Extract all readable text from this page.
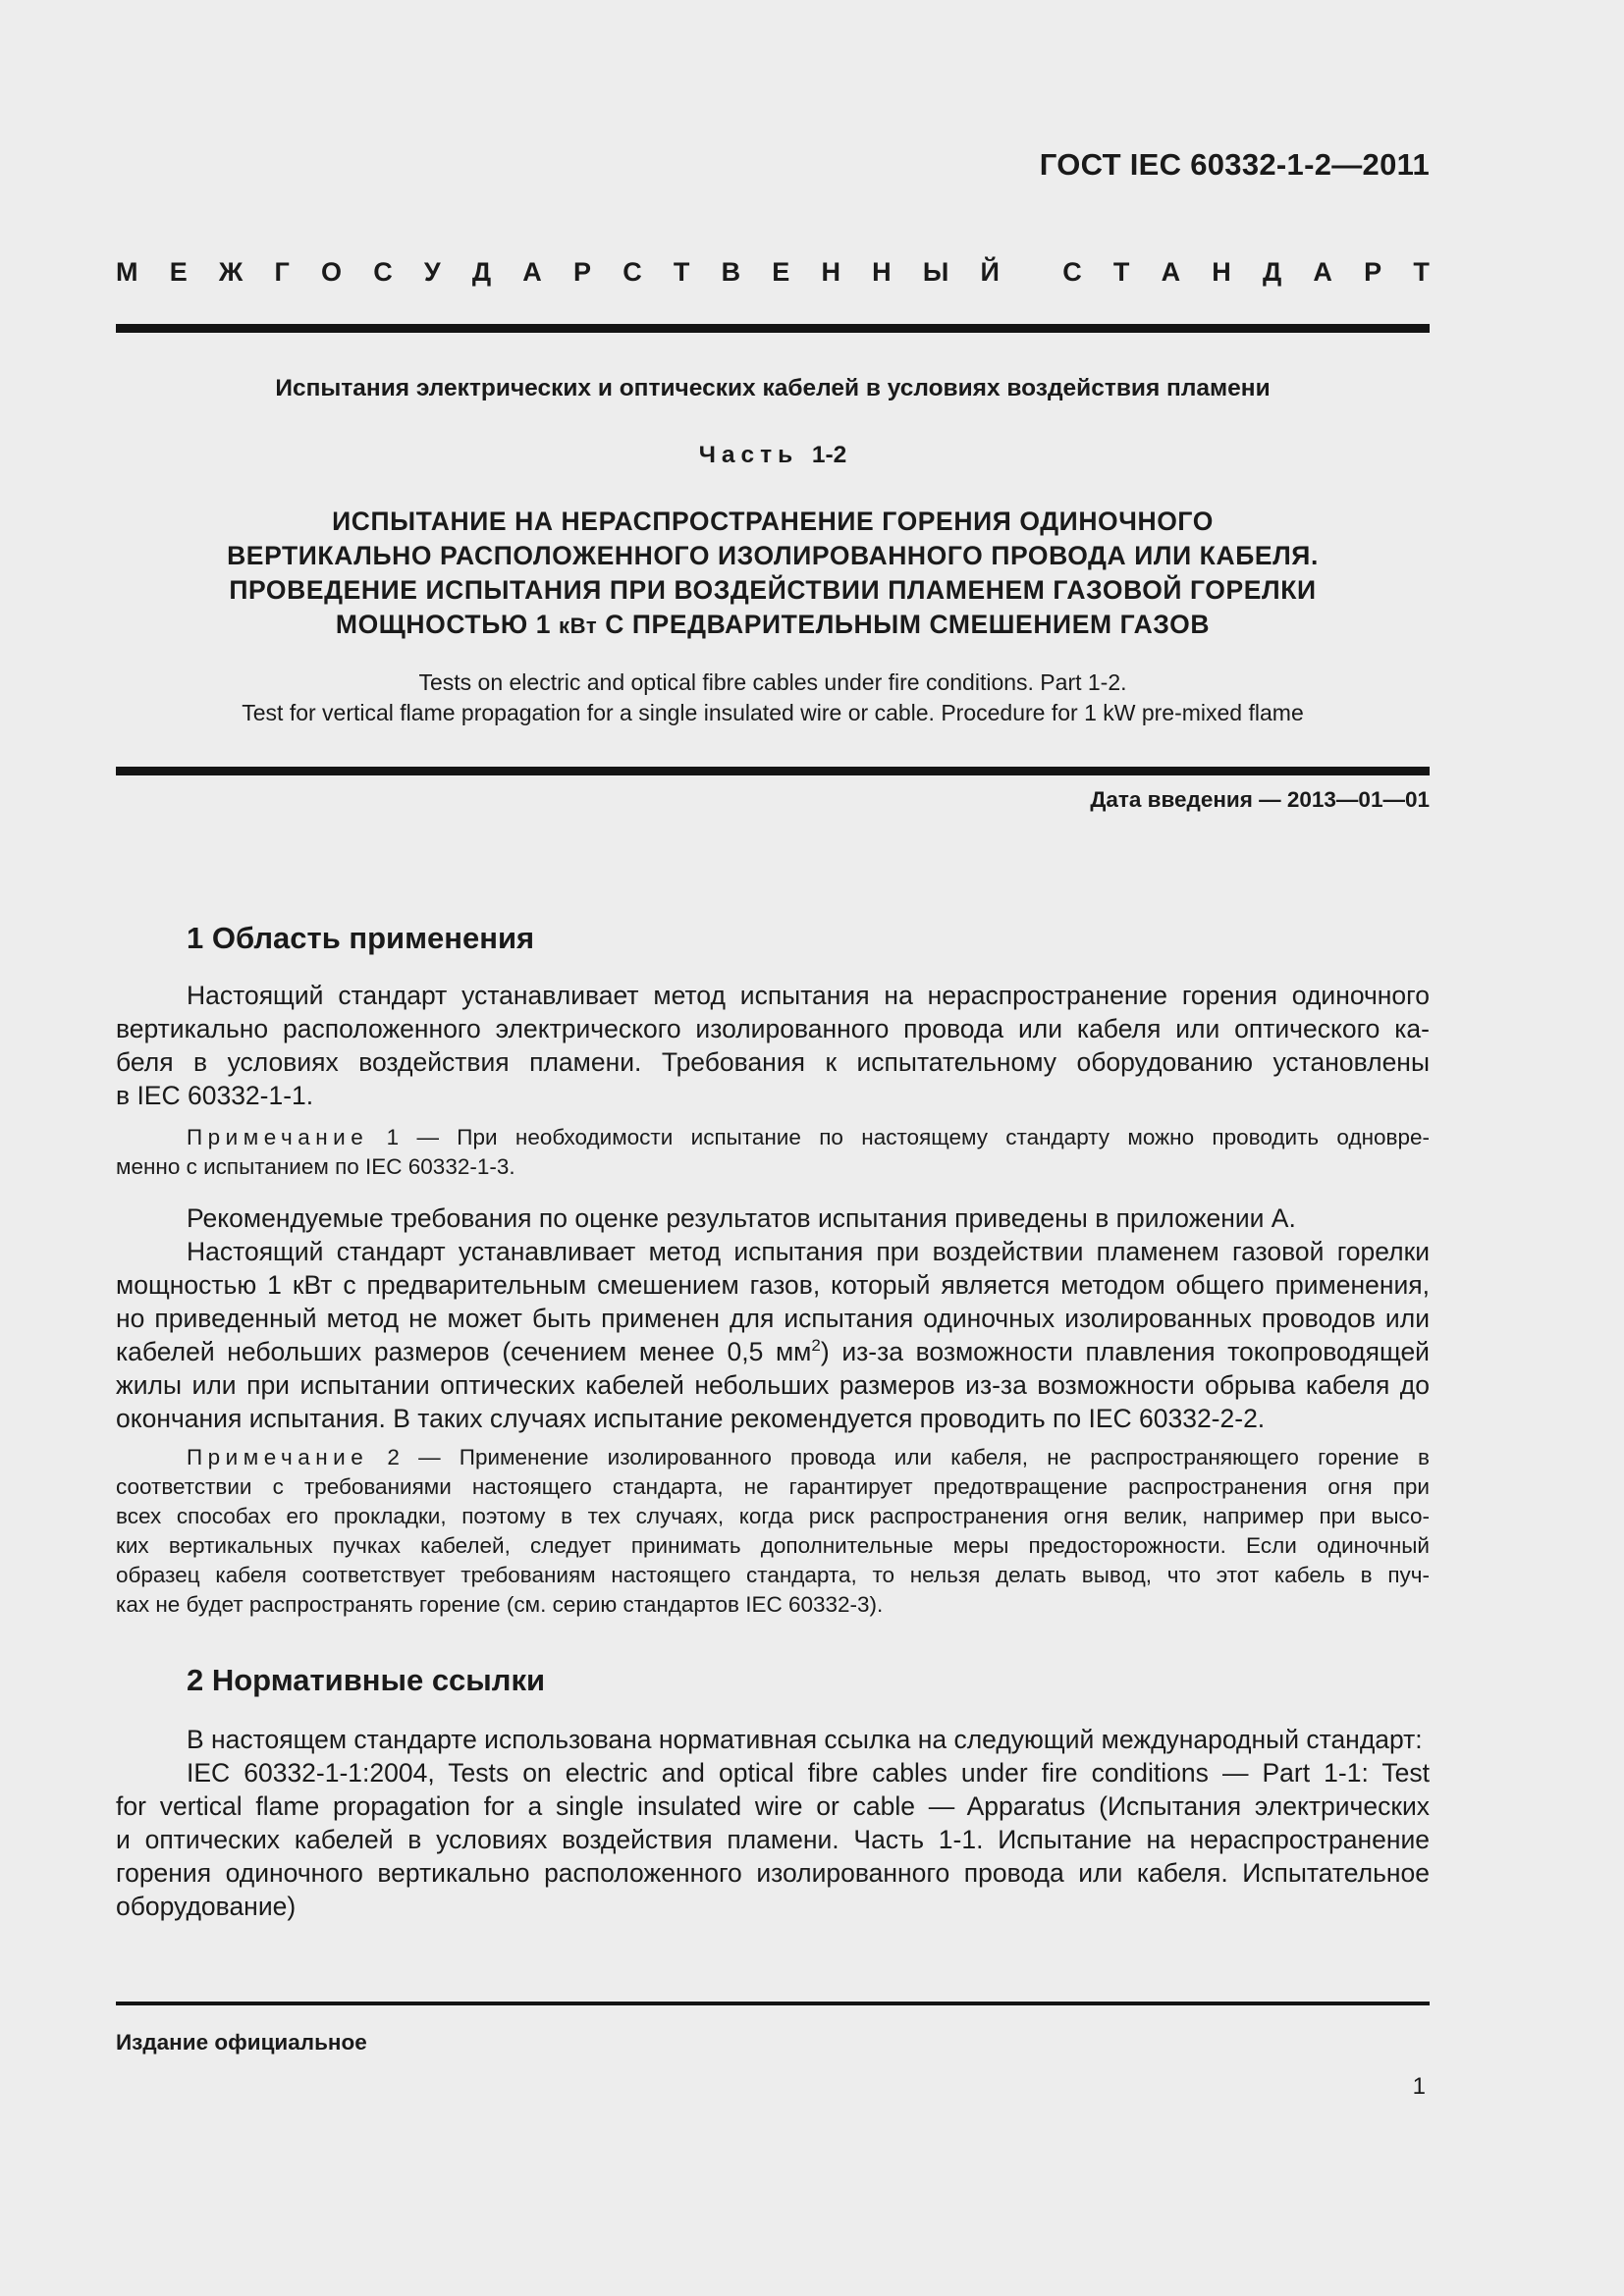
ГОСТ IEC 60332-1-2—2011
М Е Ж Г О С У Д А Р С Т В Е Н Н Ы Й С Т А Н Д А Р Т
Испытания электрических и оптических кабелей в условиях воздействия пламени
Часть 1-2
ИСПЫТАНИЕ НА НЕРАСПРОСТРАНЕНИЕ ГОРЕНИЯ ОДИНОЧНОГО
ВЕРТИКАЛЬНО РАСПОЛОЖЕННОГО ИЗОЛИРОВАННОГО ПРОВОДА ИЛИ КАБЕЛЯ.
ПРОВЕДЕНИЕ ИСПЫТАНИЯ ПРИ ВОЗДЕЙСТВИИ ПЛАМЕНЕМ ГАЗОВОЙ ГОРЕЛКИ
МОЩНОСТЬЮ 1 кВт С ПРЕДВАРИТЕЛЬНЫМ СМЕШЕНИЕМ ГАЗОВ
Tests on electric and optical fibre cables under fire conditions. Part 1-2.
Test for vertical flame propagation for a single insulated wire or cable. Procedure for 1 kW pre-mixed flame
Дата введения — 2013—01—01
1 Область применения
Настоящий стандарт устанавливает метод испытания на нераспространение горения одиночного
вертикально расположенного электрического изолированного провода или кабеля или оптического ка-
беля в условиях воздействия пламени. Требования к испытательному оборудованию установлены
в IEC 60332-1-1.
Примечание 1 — При необходимости испытание по настоящему стандарту можно проводить одновре-
менно с испытанием по IEC 60332-1-3.
Рекомендуемые требования по оценке результатов испытания приведены в приложении А.
Настоящий стандарт устанавливает метод испытания при воздействии пламенем газовой горелки
мощностью 1 кВт с предварительным смешением газов, который является методом общего применения,
но приведенный метод не может быть применен для испытания одиночных изолированных проводов или
кабелей небольших размеров (сечением менее 0,5 $мм^2$) из-за возможности плавления токопроводящей
жилы или при испытании оптических кабелей небольших размеров из-за возможности обрыва кабеля до
окончания испытания. В таких случаях испытание рекомендуется проводить по IEC 60332-2-2.
Примечание 2 — Применение изолированного провода или кабеля, не распространяющего горение в
соответствии с требованиями настоящего стандарта, не гарантирует предотвращение распространения огня при
всех способах его прокладки, поэтому в тех случаях, когда риск распространения огня велик, например при высо-
ких вертикальных пучках кабелей, следует принимать дополнительные меры предосторожности. Если одиночный
образец кабеля соответствует требованиям настоящего стандарта, то нельзя делать вывод, что этот кабель в пуч-
ках не будет распространять горение (см. серию стандартов IEC 60332-3).
2 Нормативные ссылки
В настоящем стандарте использована нормативная ссылка на следующий международный стандарт:
IEC 60332-1-1:2004, Tests on electric and optical fibre cables under fire conditions — Part 1-1: Test
for vertical flame propagation for a single insulated wire or cable — Apparatus (Испытания электрических
и оптических кабелей в условиях воздействия пламени. Часть 1-1. Испытание на нераспространение
горения одиночного вертикально расположенного изолированного провода или кабеля. Испытательное
оборудование)
Издание официальное
1
